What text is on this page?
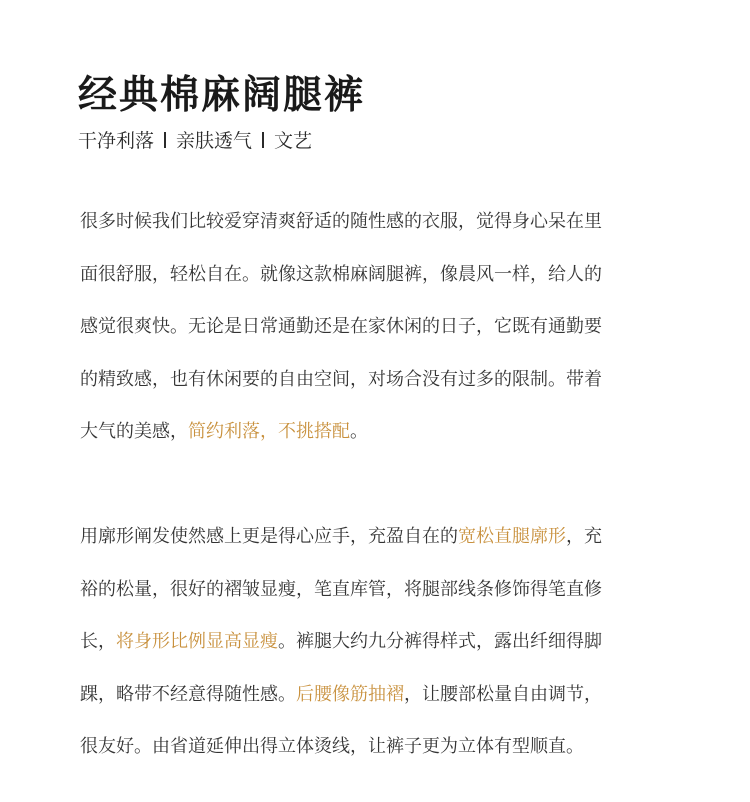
经典棉麻阔腿裤
干净利落 亲肤透气 文艺
很多时候我们比较爱穿清爽舒适的随性感的衣服，觉得身心呆在里
面很舒服，轻松自在。就像这款棉麻阔腿裤，像晨风一样，给人的
感觉很爽快。无论是日常通勤还是在家休闲的日子，它既有通勤要
的精致感，也有休闲要的自由空间，对场合没有过多的限制。带着
大气的美感，简约利落，不挑搭配。
用廓形阐发使然感上更是得心应手，充盈自在的宽松直腿廓形，充
裕的松量，很好的褶皱显瘦，笔直库管，将腿部线条修饰得笔直修
长，将身形比例显高显瘦。裤腿大约九分裤得样式，露出纤细得脚
踝，略带不经意得随性感。后腰像筋抽褶，让腰部松量自由调节，
很友好。由省道延伸出得立体烫线，让裤子更为立体有型顺直。
